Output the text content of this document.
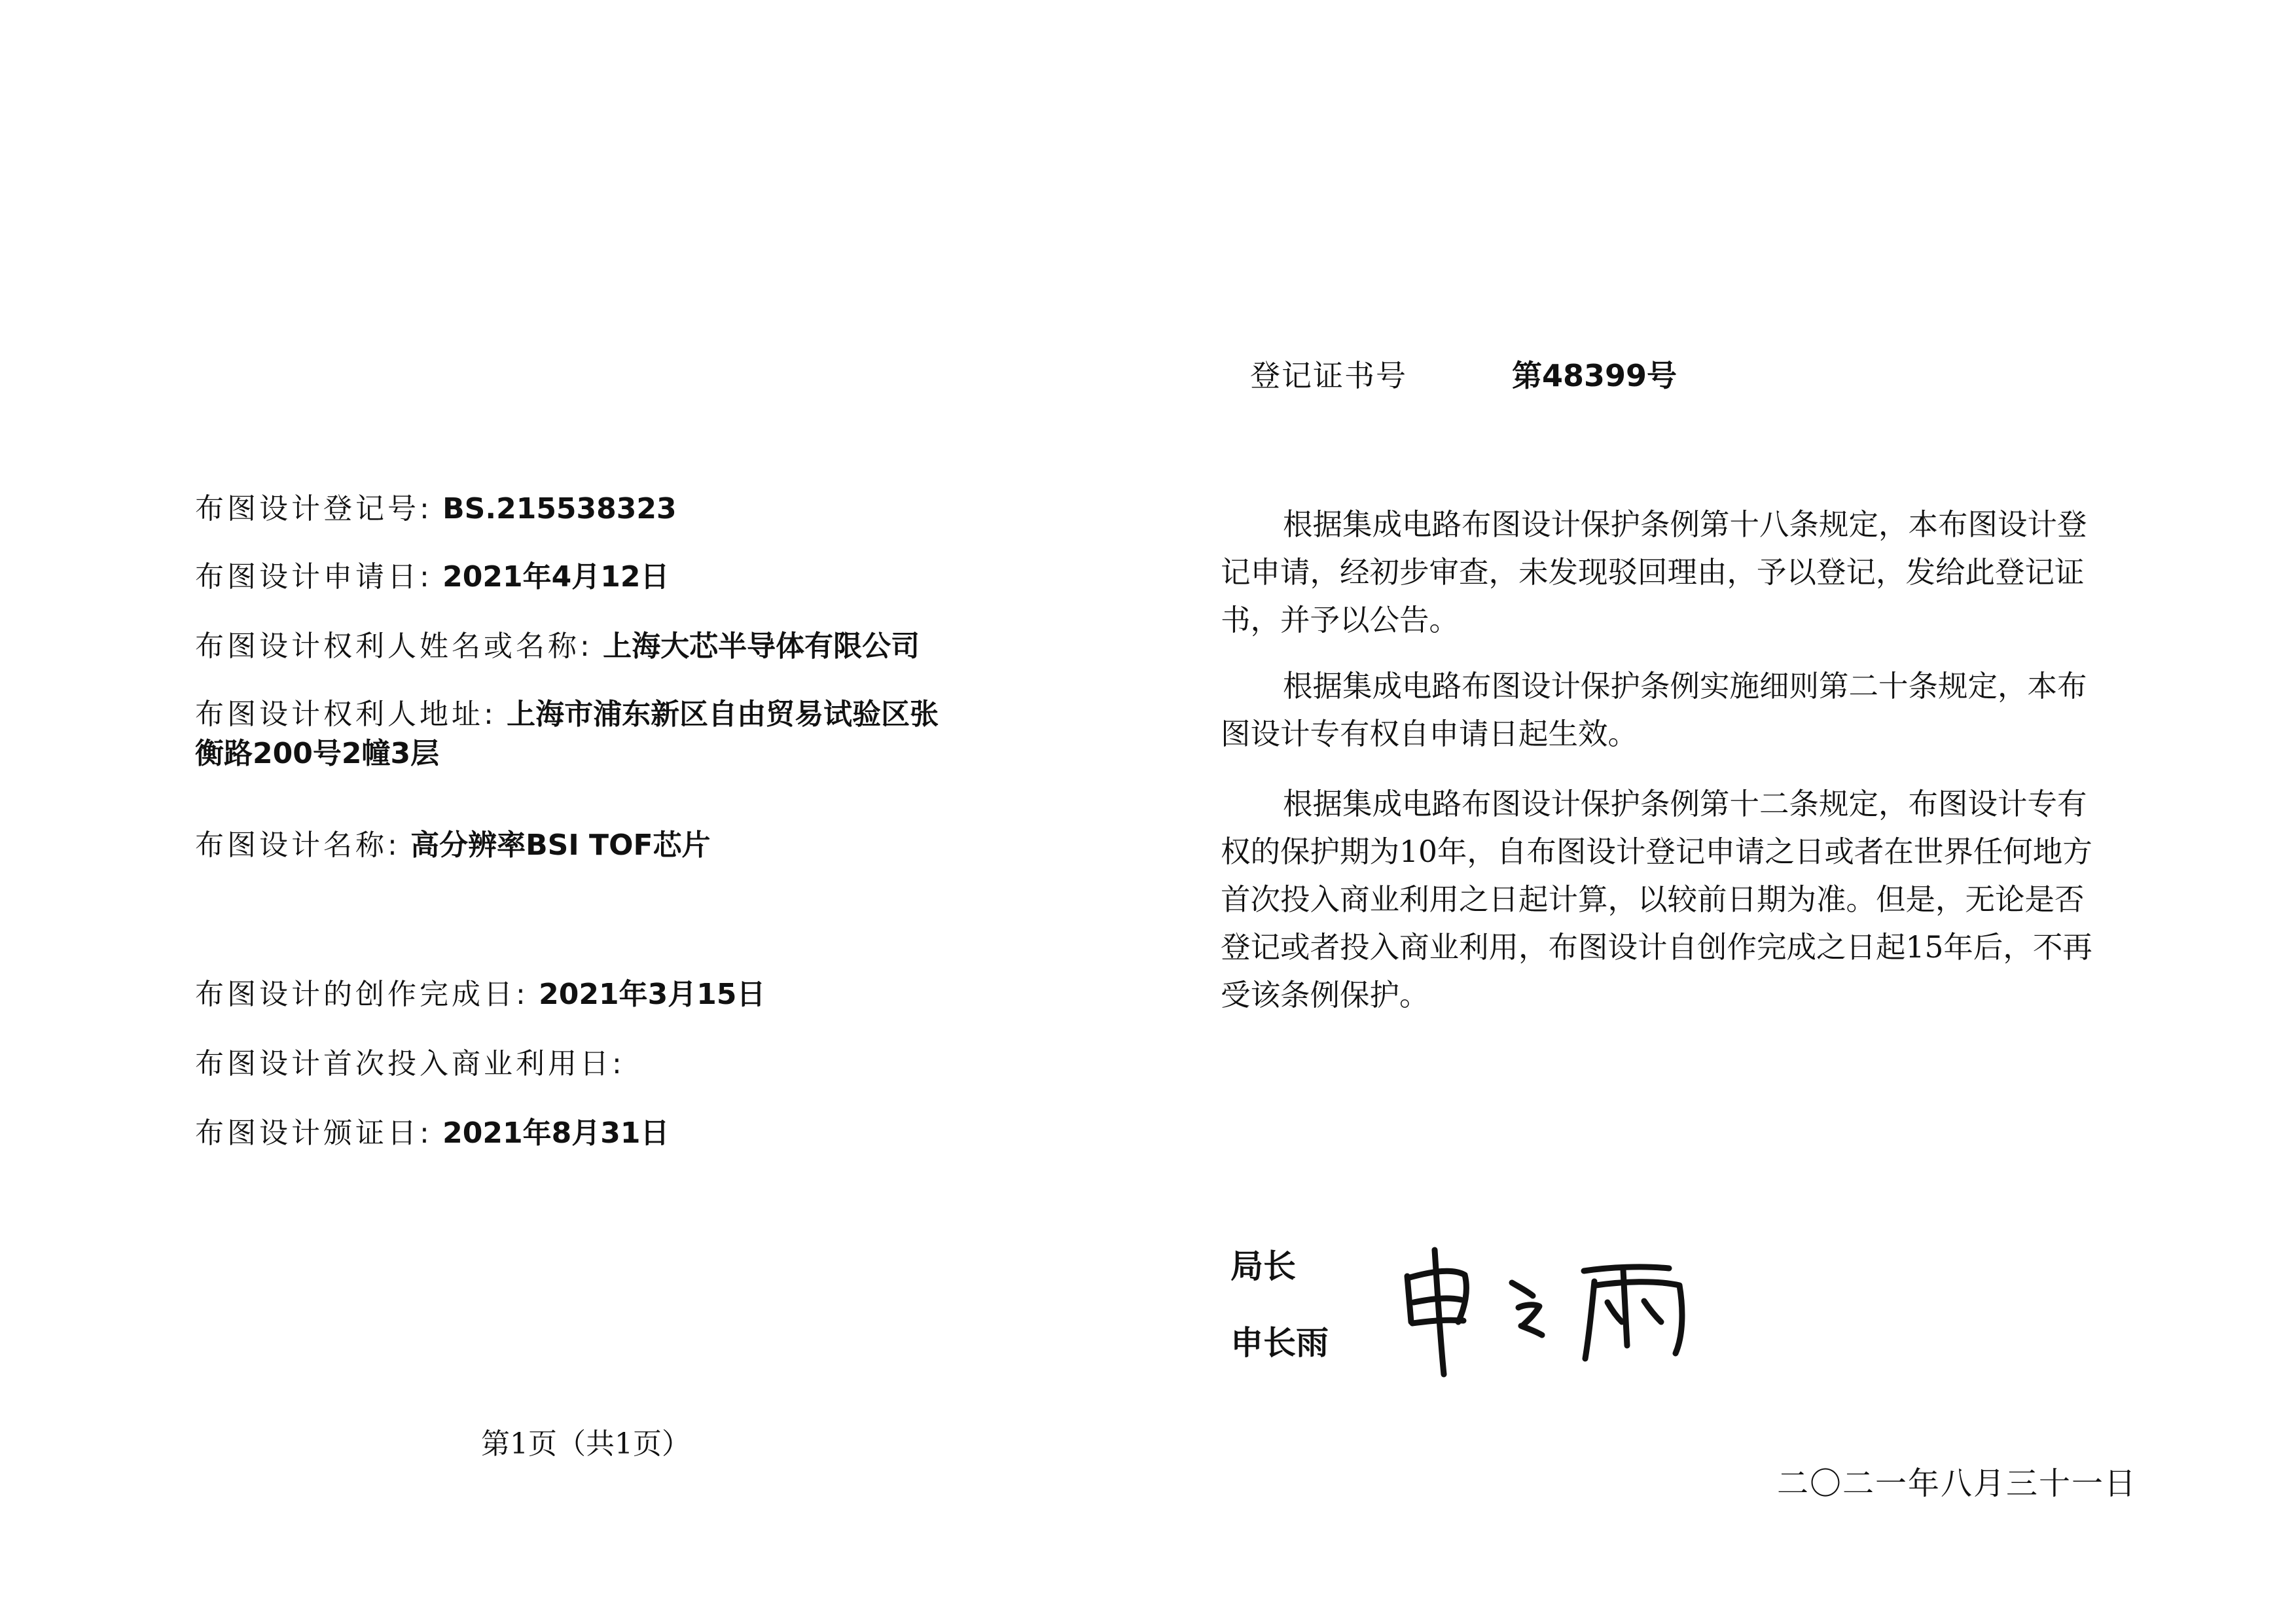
登记证书号	第48399号
布图设计登记号: BS.215538323
布图设计申请日: 2021年4月12日
布图设计权利人姓名或名称: 上海大芯半导体有限公司
布图设计权利人地址: 上海市浦东新区自由贸易试验区张衡路200号2幢3层
布图设计名称: 高分辨率BSI TOF芯片
布图设计的创作完成日: 2021年3月15日
布图设计首次投入商业利用日:
布图设计颁证日: 2021年8月31日

根据集成电路布图设计保护条例第十八条规定，本布图设计登记申请，经初步审查，未发现驳回理由，予以登记，发给此登记证书，并予以公告。

根据集成电路布图设计保护条例实施细则第二十条规定，本布图设计专有权自申请日起生效。

根据集成电路布图设计保护条例第十二条规定，布图设计专有权的保护期为10年，自布图设计登记申请之日或者在世界任何地方首次投入商业利用之日起计算，以较前日期为准。但是，无论是否登记或者投入商业利用，布图设计自创作完成之日起15年后，不再受该条例保护。

局长
申长雨
第1页（共1页）
二〇二一年八月三十一日
